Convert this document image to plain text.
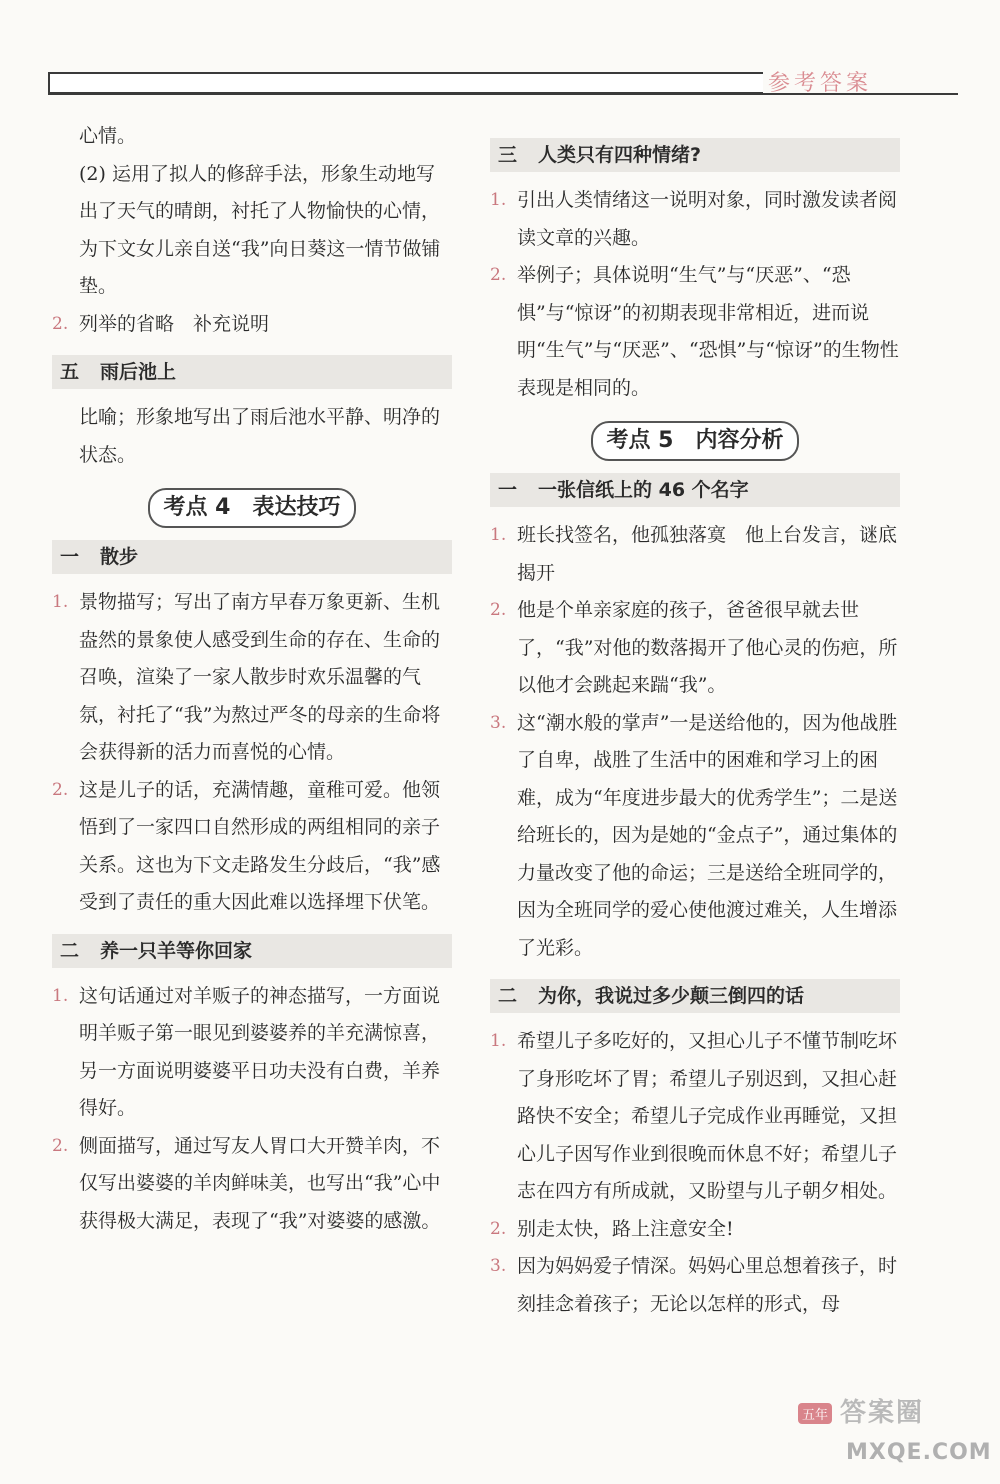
参考答案

心情。

(2) 运用了拟人的修辞手法，形象生动地写出了天气的晴朗，衬托了人物愉快的心情，为下文女儿亲自送“我”向日葵这一情节做铺垫。

2. 列举的省略　补充说明
五 雨后池上

比喻；形象地写出了雨后池水平静、明净的状态。

考点 4 表达技巧
一 散步
1. 景物描写；写出了南方早春万象更新、生机盎然的景象使人感受到生命的存在、生命的召唤，渲染了一家人散步时欢乐温馨的气氛，衬托了“我”为熬过严冬的母亲的生命将会获得新的活力而喜悦的心情。
2. 这是儿子的话，充满情趣，童稚可爱。他领悟到了一家四口自然形成的两组相同的亲子关系。这也为下文走路发生分歧后，“我”感受到了责任的重大因此难以选择埋下伏笔。
二 养一只羊等你回家
1. 这句话通过对羊贩子的神态描写，一方面说明羊贩子第一眼见到婆婆养的羊充满惊喜，另一方面说明婆婆平日功夫没有白费，羊养得好。
2. 侧面描写，通过写友人胃口大开赞羊肉，不仅写出婆婆的羊肉鲜味美，也写出“我”心中获得极大满足，表现了“我”对婆婆的感激。
三 人类只有四种情绪?
1. 引出人类情绪这一说明对象，同时激发读者阅读文章的兴趣。
2. 举例子；具体说明“生气”与“厌恶”、“恐惧”与“惊讶”的初期表现非常相近，进而说明“生气”与“厌恶”、“恐惧”与“惊讶”的生物性表现是相同的。
考点 5 内容分析
一 一张信纸上的 46 个名字
1. 班长找签名，他孤独落寞　他上台发言，谜底揭开
2. 他是个单亲家庭的孩子，爸爸很早就去世了，“我”对他的数落揭开了他心灵的伤疤，所以他才会跳起来踹“我”。
3. 这“潮水般的掌声”一是送给他的，因为他战胜了自卑，战胜了生活中的困难和学习上的困难，成为“年度进步最大的优秀学生”；二是送给班长的，因为是她的“金点子”，通过集体的力量改变了他的命运；三是送给全班同学的，因为全班同学的爱心使他渡过难关，人生增添了光彩。
二 为你，我说过多少颠三倒四的话
1. 希望儿子多吃好的，又担心儿子不懂节制吃坏了身形吃坏了胃；希望儿子别迟到，又担心赶路快不安全；希望儿子完成作业再睡觉，又担心儿子因写作业到很晚而休息不好；希望儿子志在四方有所成就，又盼望与儿子朝夕相处。
2. 别走太快，路上注意安全!
3. 因为妈妈爱子情深。妈妈心里总想着孩子，时刻挂念着孩子；无论以怎样的形式，母
五年 答案圈
MXQE.COM
